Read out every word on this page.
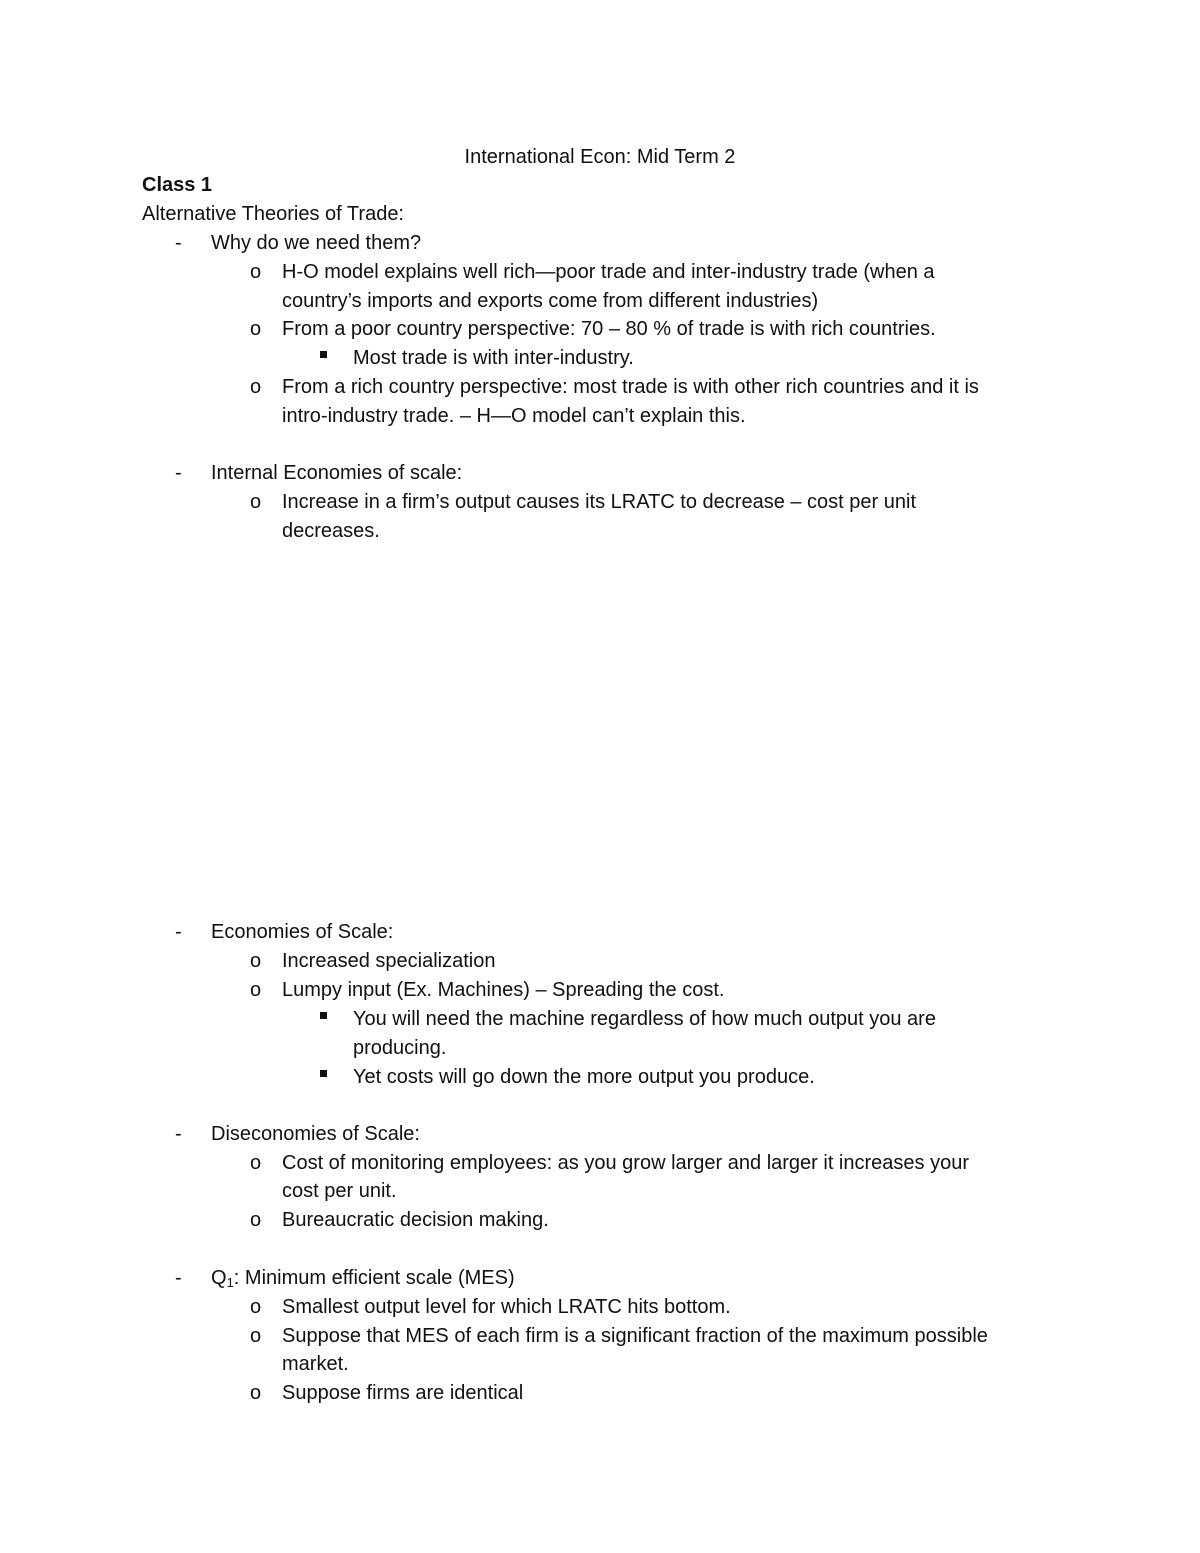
International Econ: Mid Term 2
Class 1
Alternative Theories of Trade:
- Why do we need them?
o H-O model explains well rich—poor trade and inter-industry trade (when a
country’s imports and exports come from different industries)
o From a poor country perspective: 70 – 80 % of trade is with rich countries.
Most trade is with inter-industry.
o From a rich country perspective: most trade is with other rich countries and it is
intro-industry trade. – H—O model can’t explain this.
- Internal Economies of scale:
o Increase in a firm’s output causes its LRATC to decrease – cost per unit
decreases.
- Economies of Scale:
o Increased specialization
o Lumpy input (Ex. Machines) – Spreading the cost.
You will need the machine regardless of how much output you are
producing.
Yet costs will go down the more output you produce.
- Diseconomies of Scale:
o Cost of monitoring employees: as you grow larger and larger it increases your
cost per unit.
o Bureaucratic decision making.
- $Q_1$: Minimum efficient scale (MES)
o Smallest output level for which LRATC hits bottom.
o Suppose that MES of each firm is a significant fraction of the maximum possible
market.
o Suppose firms are identical
